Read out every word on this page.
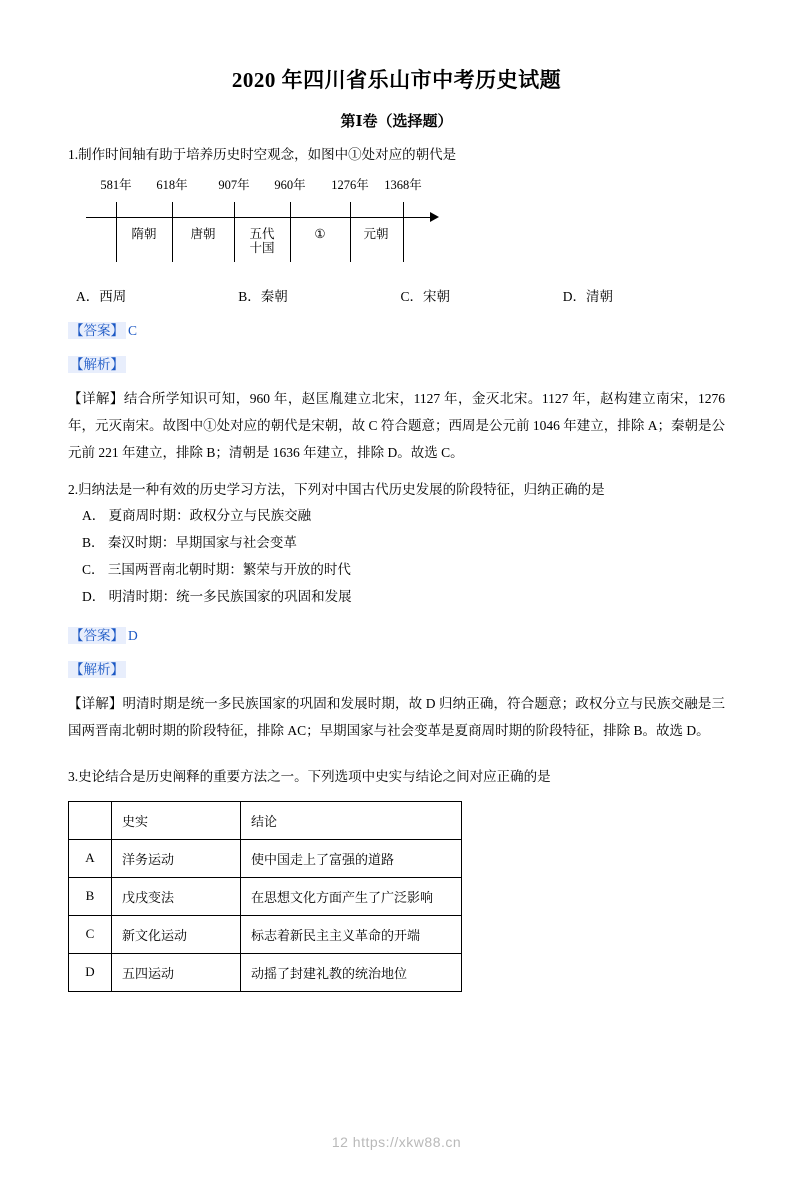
2020 年四川省乐山市中考历史试题
第Ⅰ卷（选择题）
1.制作时间轴有助于培养历史时空观念，如图中①处对应的朝代是
581年 618年 907年 960年 1276年 1368年
隋朝	唐朝	五代十国
①	元朝
A．西周	B．秦朝	C．宋朝	D．清朝
【答案】 C
【解析】
【详解】结合所学知识可知，960 年，赵匡胤建立北宋，1127 年，金灭北宋。1127 年，赵构建立南宋，1276 年，元灭南宋。故图中①处对应的朝代是宋朝，故 C 符合题意；西周是公元前 1046 年建立，排除 A；秦朝是公元前 221 年建立，排除 B；清朝是 1636 年建立，排除 D。故选 C。
2.归纳法是一种有效的历史学习方法，下列对中国古代历史发展的阶段特征，归纳正确的是
A． 夏商周时期：政权分立与民族交融
B． 秦汉时期：早期国家与社会变革
C． 三国两晋南北朝时期：繁荣与开放的时代
D． 明清时期：统一多民族国家的巩固和发展
【答案】 D
【解析】
【详解】明清时期是统一多民族国家的巩固和发展时期，故 D 归纳正确，符合题意；政权分立与民族交融是三国两晋南北朝时期的阶段特征，排除 AC；早期国家与社会变革是夏商周时期的阶段特征，排除 B。故选 D。
3.史论结合是历史阐释的重要方法之一。下列选项中史实与结论之间对应正确的是
	史实	结论
A	洋务运动	使中国走上了富强的道路
B	戊戌变法	在思想文化方面产生了广泛影响
C	新文化运动	标志着新民主主义革命的开端
D	五四运动	动摇了封建礼教的统治地位
12 https://xkw88.cn
